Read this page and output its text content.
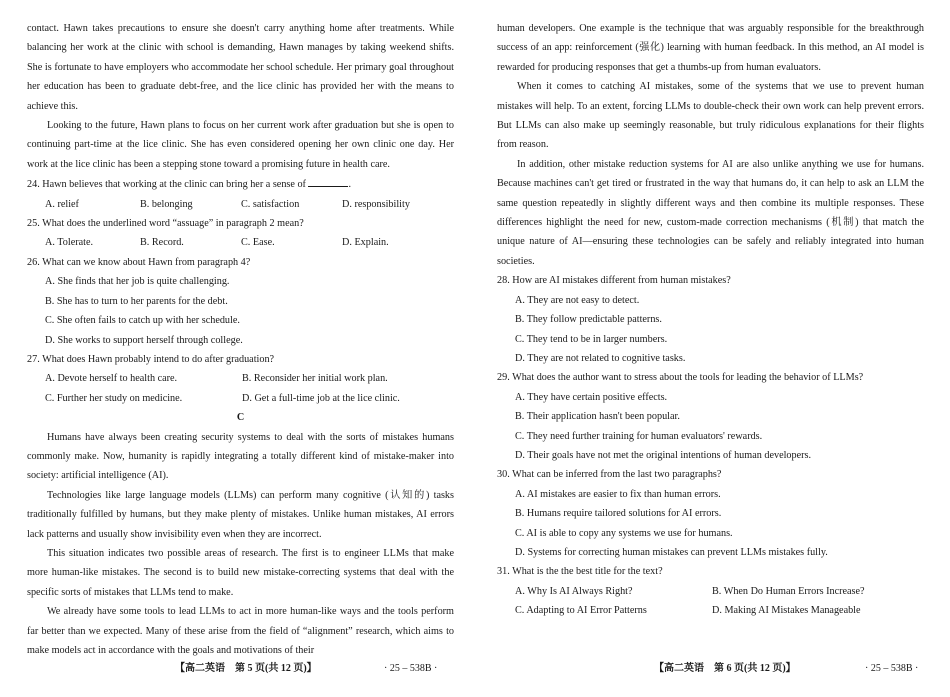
contact. Hawn takes precautions to ensure she doesn't carry anything home after treatments. While balancing her work at the clinic with school is demanding, Hawn manages by taking weekend shifts. She is fortunate to have employers who accommodate her school schedule. Her primary goal throughout her education has been to graduate debt-free, and the lice clinic has provided her with the means to achieve this.

Looking to the future, Hawn plans to focus on her current work after graduation but she is open to continuing part-time at the lice clinic. She has even considered opening her own clinic one day. Her work at the lice clinic has been a stepping stone toward a promising future in health care.

24. Hawn believes that working at the clinic can bring her a sense of	.

A. relief	B. belonging	C. satisfaction	D. responsibility

25. What does the underlined word “assuage” in paragraph 2 mean?

A. Tolerate.	B. Record.	C. Ease.	D. Explain.

26. What can we know about Hawn from paragraph 4?

A. She finds that her job is quite challenging.

B. She has to turn to her parents for the debt.

C. She often fails to catch up with her schedule.

D. She works to support herself through college.

27. What does Hawn probably intend to do after graduation?

A. Devote herself to health care.	B. Reconsider her initial work plan.
C. Further her study on medicine.	D. Get a full-time job at the lice clinic.

C

Humans have always been creating security systems to deal with the sorts of mistakes humans commonly make. Now, humanity is rapidly integrating a totally different kind of mistake-maker into society: artificial intelligence (AI).

Technologies like large language models (LLMs) can perform many cognitive (认知的) tasks traditionally fulfilled by humans, but they make plenty of mistakes. Unlike human mistakes, AI errors lack patterns and usually show invisibility even when they are incorrect.

This situation indicates two possible areas of research. The first is to engineer LLMs that make more human-like mistakes. The second is to build new mistake-correcting systems that deal with the specific sorts of mistakes that LLMs tend to make.

We already have some tools to lead LLMs to act in more human-like ways and the tools perform far better than we expected. Many of these arise from the field of “alignment” research, which aims to make models act in accordance with the goals and motivations of their

human developers. One example is the technique that was arguably responsible for the breakthrough success of an app: reinforcement (强化) learning with human feedback. In this method, an AI model is rewarded for producing responses that get a thumbs-up from human evaluators.

When it comes to catching AI mistakes, some of the systems that we use to prevent human mistakes will help. To an extent, forcing LLMs to double-check their own work can help prevent errors. But LLMs can also make up seemingly reasonable, but truly ridiculous explanations for their flights from reason.

In addition, other mistake reduction systems for AI are also unlike anything we use for humans. Because machines can't get tired or frustrated in the way that humans do, it can help to ask an LLM the same question repeatedly in slightly different ways and then combine its multiple responses. These differences highlight the need for new, custom-made correction mechanisms (机制) that match the unique nature of AI—ensuring these technologies can be safely and reliably integrated into human societies.

28. How are AI mistakes different from human mistakes?

A. They are not easy to detect.

B. They follow predictable patterns.

C. They tend to be in larger numbers.

D. They are not related to cognitive tasks.

29. What does the author want to stress about the tools for leading the behavior of LLMs?

A. They have certain positive effects.

B. Their application hasn't been popular.

C. They need further training for human evaluators' rewards.

D. Their goals have not met the original intentions of human developers.

30. What can be inferred from the last two paragraphs?

A. AI mistakes are easier to fix than human errors.

B. Humans require tailored solutions for AI errors.

C. AI is able to copy any systems we use for humans.

D. Systems for correcting human mistakes can prevent LLMs mistakes fully.

31. What is the the best title for the text?

A. Why Is AI Always Right?	B. When Do Human Errors Increase?
C. Adapting to AI Error Patterns	D. Making AI Mistakes Manageable
【高二英语　第 5 页(共 12 页)】	· 25 – 538B ·	【高二英语　第 6 页(共 12 页)】	· 25 – 538B ·
